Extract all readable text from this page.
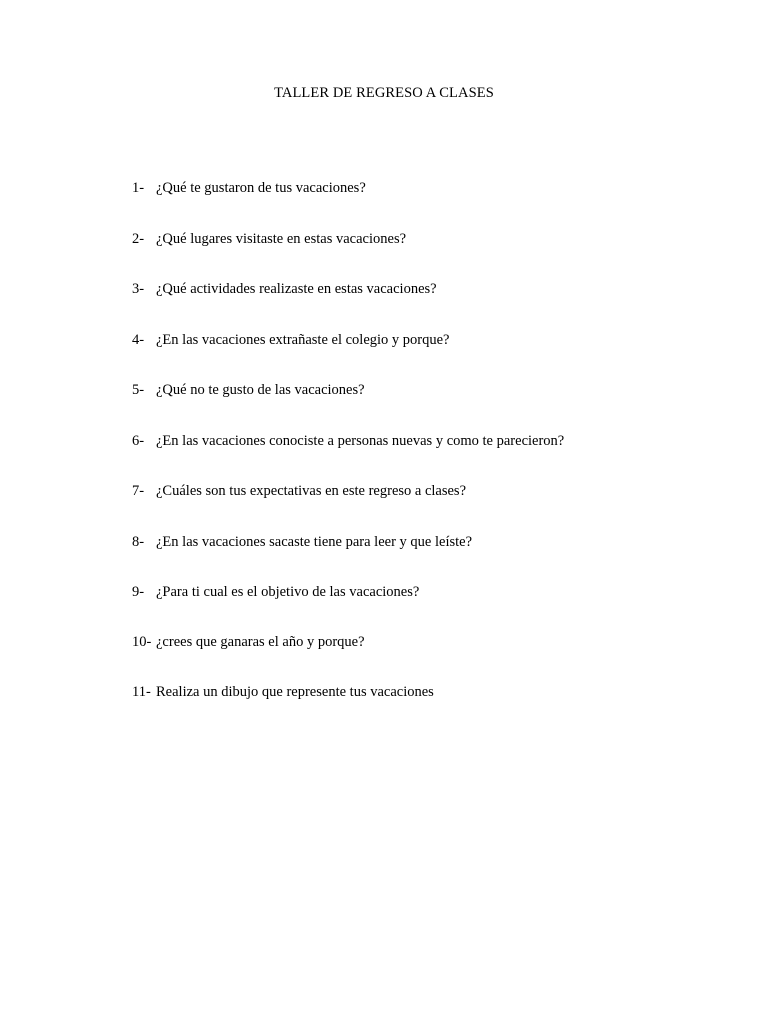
TALLER DE REGRESO A CLASES
1- ¿Qué te gustaron de tus vacaciones?
2- ¿Qué lugares visitaste en estas vacaciones?
3- ¿Qué actividades realizaste en estas vacaciones?
4- ¿En las vacaciones extrañaste el colegio y porque?
5- ¿Qué no te gusto de las vacaciones?
6- ¿En las vacaciones conociste a personas nuevas y como te parecieron?
7- ¿Cuáles son tus expectativas en este regreso a clases?
8- ¿En las vacaciones sacaste tiene para leer y que leíste?
9- ¿Para ti cual es el objetivo de las vacaciones?
10- ¿crees que ganaras el año y porque?
11- Realiza un dibujo que represente tus vacaciones
